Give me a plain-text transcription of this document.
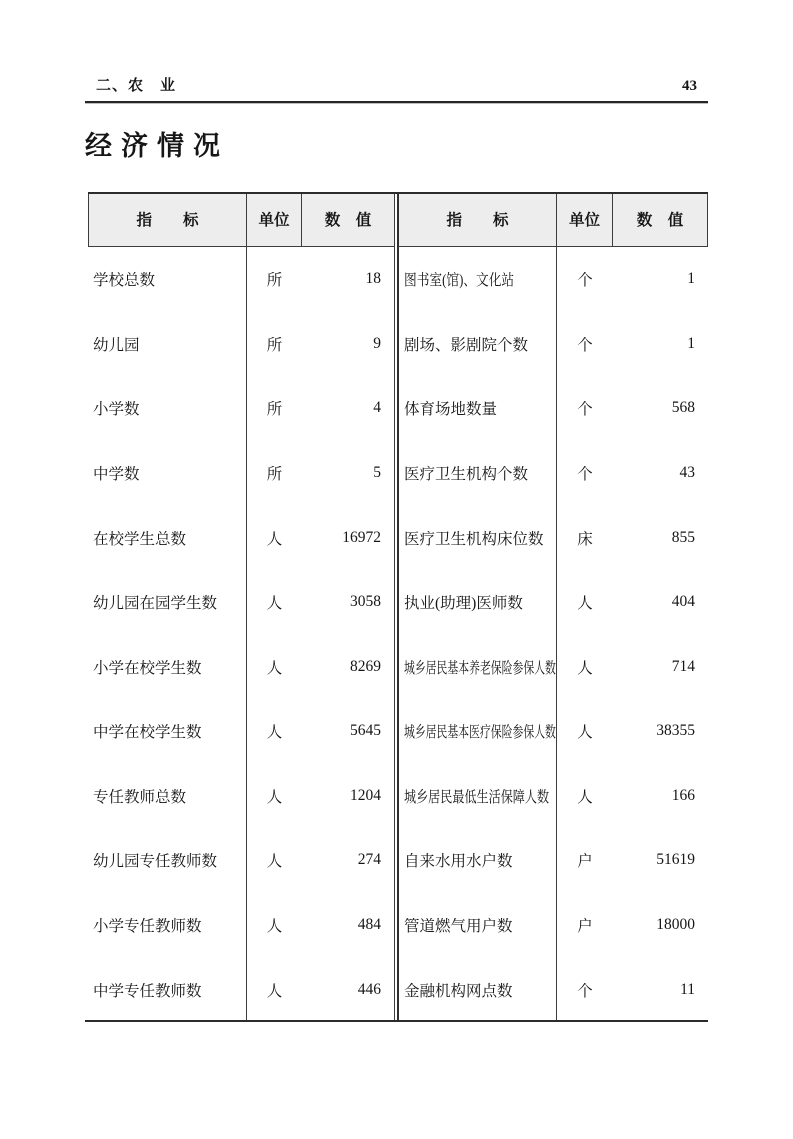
二、农　业	43
经济情况
指　　标	单位	数　值
学校总数	所	18
幼儿园	所	9
小学数	所	4
中学数	所	5
在校学生总数	人	16972
幼儿园在园学生数	人	3058
小学在校学生数	人	8269
中学在校学生数	人	5645
专任教师总数	人	1204
幼儿园专任教师数	人	274
小学专任教师数	人	484
中学专任教师数	人	446
指　　标	单位	数　值
图书室(馆)、文化站	个	1
剧场、影剧院个数	个	1
体育场地数量	个	568
医疗卫生机构个数	个	43
医疗卫生机构床位数 床	855
执业(助理)医师数	人	404
城乡居民基本养老保险参保人数 人	714
城乡居民基本医疗保险参保人数 人	38355
城乡居民最低生活保障人数 人	166
自来水用水户数	户	51619
管道燃气用户数	户	18000
金融机构网点数	个	11
